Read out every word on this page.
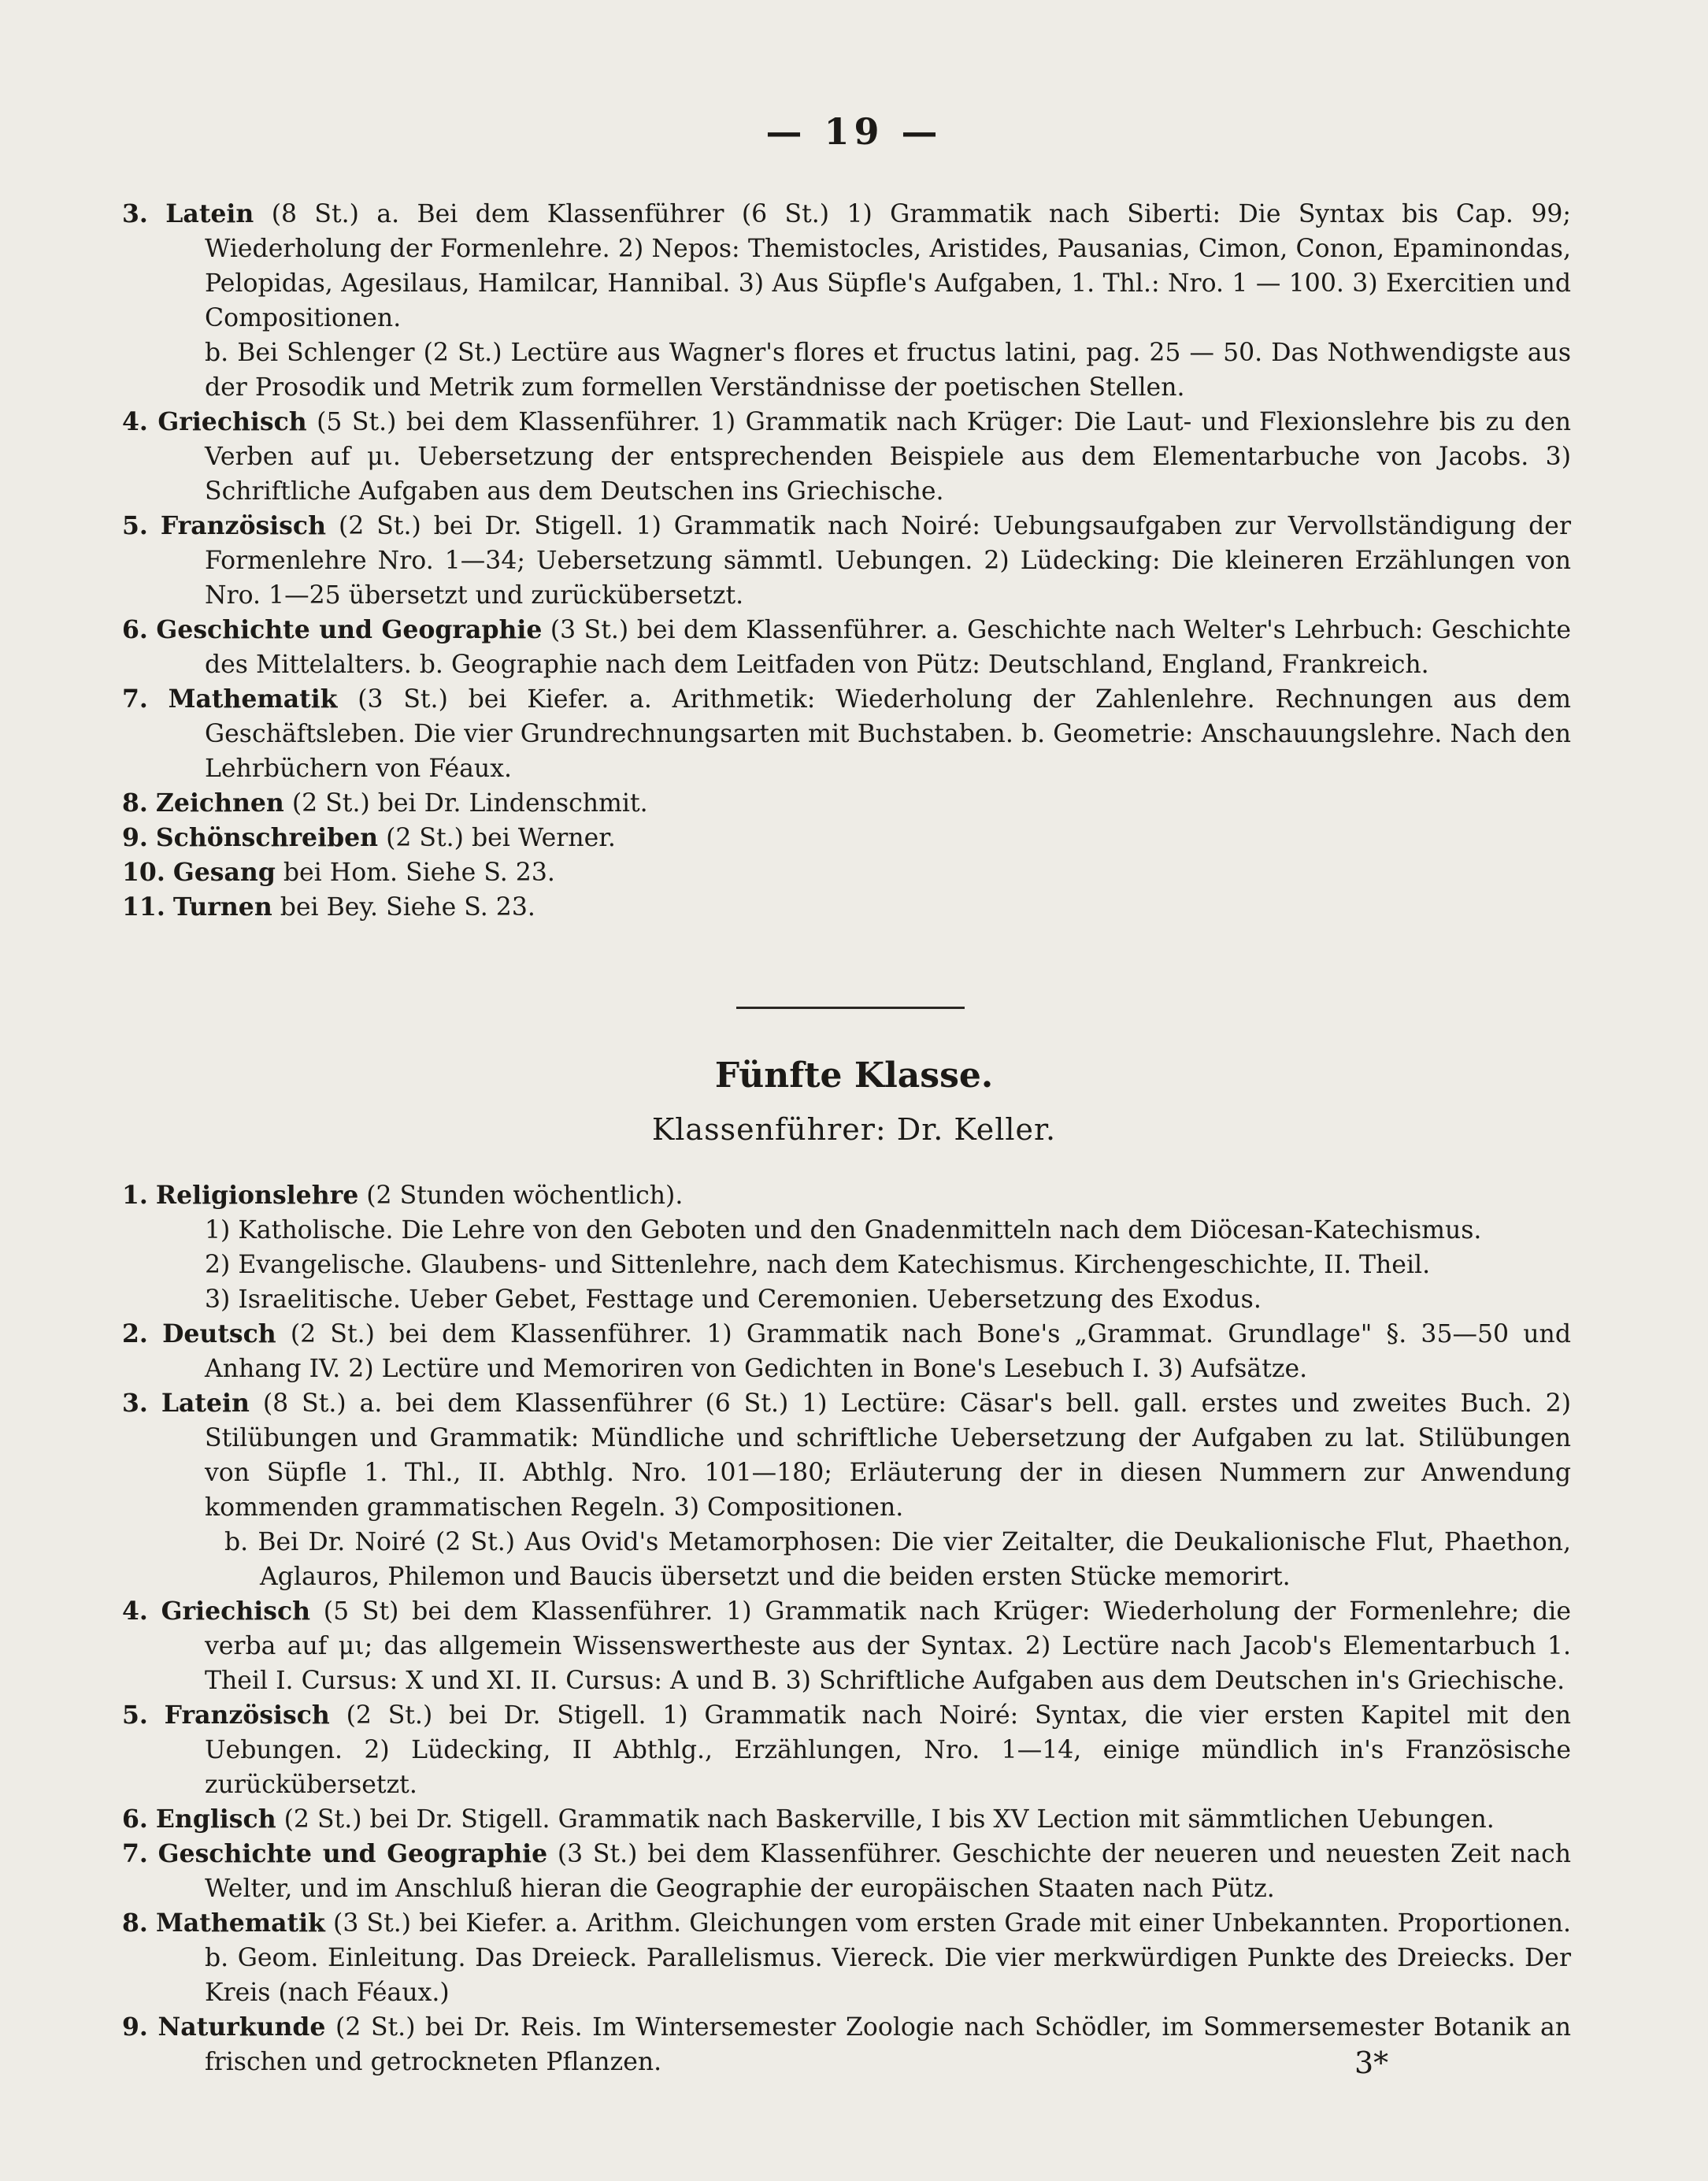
— 19 —
3. Latein (8 St.) a. Bei dem Klassenführer (6 St.) 1) Grammatik nach Siberti: Die Syntax bis Cap. 99; Wiederholung der Formenlehre. 2) Nepos: Themistocles, Aristides, Pausanias, Cimon, Conon, Epaminondas, Pelopidas, Agesilaus, Hamilcar, Hannibal. 3) Aus Süpfle's Aufgaben, 1. Thl.: Nro. 1 — 100. 3) Exercitien und Compositionen.
b. Bei Schlenger (2 St.) Lectüre aus Wagner's flores et fructus latini, pag. 25 — 50. Das Nothwendigste aus der Prosodik und Metrik zum formellen Verständnisse der poetischen Stellen.
4. Griechisch (5 St.) bei dem Klassenführer. 1) Grammatik nach Krüger: Die Laut- und Flexionslehre bis zu den Verben auf μι. Uebersetzung der entsprechenden Beispiele aus dem Elementarbuche von Jacobs. 3) Schriftliche Aufgaben aus dem Deutschen ins Griechische.
5. Französisch (2 St.) bei Dr. Stigell. 1) Grammatik nach Noiré: Uebungsaufgaben zur Vervollständigung der Formenlehre Nro. 1—34; Uebersetzung sämmtl. Uebungen. 2) Lüdecking: Die kleineren Erzählungen von Nro. 1—25 übersetzt und zurückübersetzt.
6. Geschichte und Geographie (3 St.) bei dem Klassenführer. a. Geschichte nach Welter's Lehrbuch: Geschichte des Mittelalters. b. Geographie nach dem Leitfaden von Pütz: Deutschland, England, Frankreich.
7. Mathematik (3 St.) bei Kiefer. a. Arithmetik: Wiederholung der Zahlenlehre. Rechnungen aus dem Geschäftsleben. Die vier Grundrechnungsarten mit Buchstaben. b. Geometrie: Anschauungslehre. Nach den Lehrbüchern von Féaux.
8. Zeichnen (2 St.) bei Dr. Lindenschmit.
9. Schönschreiben (2 St.) bei Werner.
10. Gesang bei Hom. Siehe S. 23.
11. Turnen bei Bey. Siehe S. 23.
Fünfte Klasse.
Klassenführer: Dr. Keller.
1. Religionslehre (2 Stunden wöchentlich).
1) Katholische. Die Lehre von den Geboten und den Gnadenmitteln nach dem Diöcesan-Katechismus.
2) Evangelische. Glaubens- und Sittenlehre, nach dem Katechismus. Kirchengeschichte, II. Theil.
3) Israelitische. Ueber Gebet, Festtage und Ceremonien. Uebersetzung des Exodus.
2. Deutsch (2 St.) bei dem Klassenführer. 1) Grammatik nach Bone's „Grammat. Grundlage" §. 35—50 und Anhang IV. 2) Lectüre und Memoriren von Gedichten in Bone's Lesebuch I. 3) Aufsätze.
3. Latein (8 St.) a. bei dem Klassenführer (6 St.) 1) Lectüre: Cäsar's bell. gall. erstes und zweites Buch. 2) Stilübungen und Grammatik: Mündliche und schriftliche Uebersetzung der Aufgaben zu lat. Stilübungen von Süpfle 1. Thl., II. Abthlg. Nro. 101—180; Erläuterung der in diesen Nummern zur Anwendung kommenden grammatischen Regeln. 3) Compositionen.
b. Bei Dr. Noiré (2 St.) Aus Ovid's Metamorphosen: Die vier Zeitalter, die Deukalionische Flut, Phaethon, Aglauros, Philemon und Baucis übersetzt und die beiden ersten Stücke memorirt.
4. Griechisch (5 St) bei dem Klassenführer. 1) Grammatik nach Krüger: Wiederholung der Formenlehre; die verba auf μι; das allgemein Wissenswertheste aus der Syntax. 2) Lectüre nach Jacob's Elementarbuch 1. Theil I. Cursus: X und XI. II. Cursus: A und B. 3) Schriftliche Aufgaben aus dem Deutschen in's Griechische.
5. Französisch (2 St.) bei Dr. Stigell. 1) Grammatik nach Noiré: Syntax, die vier ersten Kapitel mit den Uebungen. 2) Lüdecking, II Abthlg., Erzählungen, Nro. 1—14, einige mündlich in's Französische zurückübersetzt.
6. Englisch (2 St.) bei Dr. Stigell. Grammatik nach Baskerville, I bis XV Lection mit sämmtlichen Uebungen.
7. Geschichte und Geographie (3 St.) bei dem Klassenführer. Geschichte der neueren und neuesten Zeit nach Welter, und im Anschluß hieran die Geographie der europäischen Staaten nach Pütz.
8. Mathematik (3 St.) bei Kiefer. a. Arithm. Gleichungen vom ersten Grade mit einer Unbekannten. Proportionen. b. Geom. Einleitung. Das Dreieck. Parallelismus. Viereck. Die vier merkwürdigen Punkte des Dreiecks. Der Kreis (nach Féaux.)
9. Naturkunde (2 St.) bei Dr. Reis. Im Wintersemester Zoologie nach Schödler, im Sommersemester Botanik an frischen und getrockneten Pflanzen.	3*
